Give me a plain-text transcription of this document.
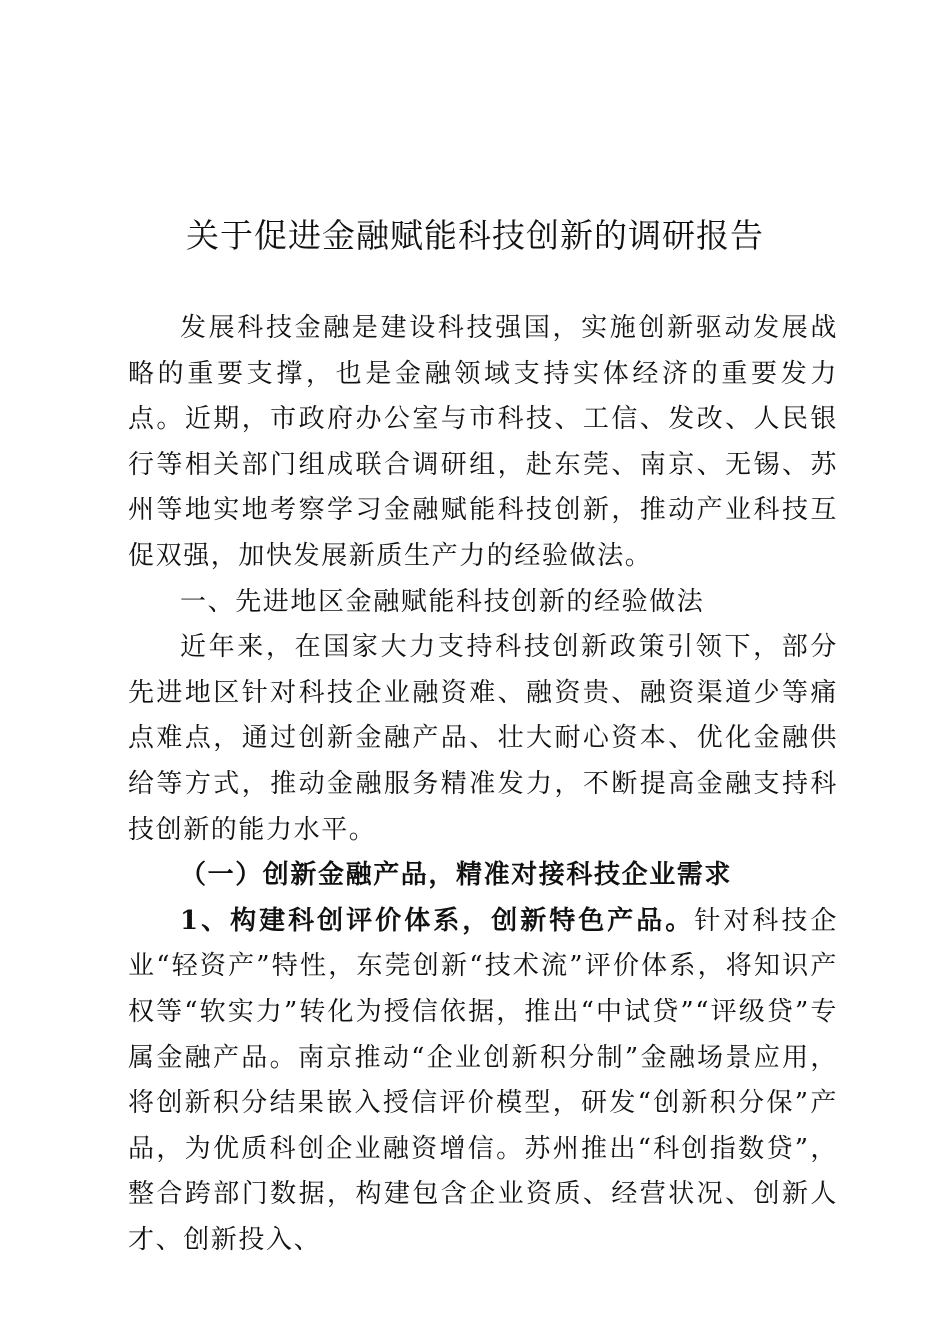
关于促进金融赋能科技创新的调研报告

发展科技金融是建设科技强国，实施创新驱动发展战略的重要支撑，也是金融领域支持实体经济的重要发力点。近期，市政府办公室与市科技、工信、发改、人民银行等相关部门组成联合调研组，赴东莞、南京、无锡、苏州等地实地考察学习金融赋能科技创新，推动产业科技互促双强，加快发展新质生产力的经验做法。

一、先进地区金融赋能科技创新的经验做法

近年来，在国家大力支持科技创新政策引领下，部分先进地区针对科技企业融资难、融资贵、融资渠道少等痛点难点，通过创新金融产品、壮大耐心资本、优化金融供给等方式，推动金融服务精准发力，不断提高金融支持科技创新的能力水平。

（一）创新金融产品，精准对接科技企业需求

1、构建科创评价体系，创新特色产品。针对科技企业“轻资产”特性，东莞创新“技术流”评价体系，将知识产权等“软实力”转化为授信依据，推出“中试贷”“评级贷”专属金融产品。南京推动“企业创新积分制”金融场景应用，将创新积分结果嵌入授信评价模型，研发“创新积分保”产品，为优质科创企业融资增信。苏州推出“科创指数贷”，整合跨部门数据，构建包含企业资质、经营状况、创新人才、创新投入、
